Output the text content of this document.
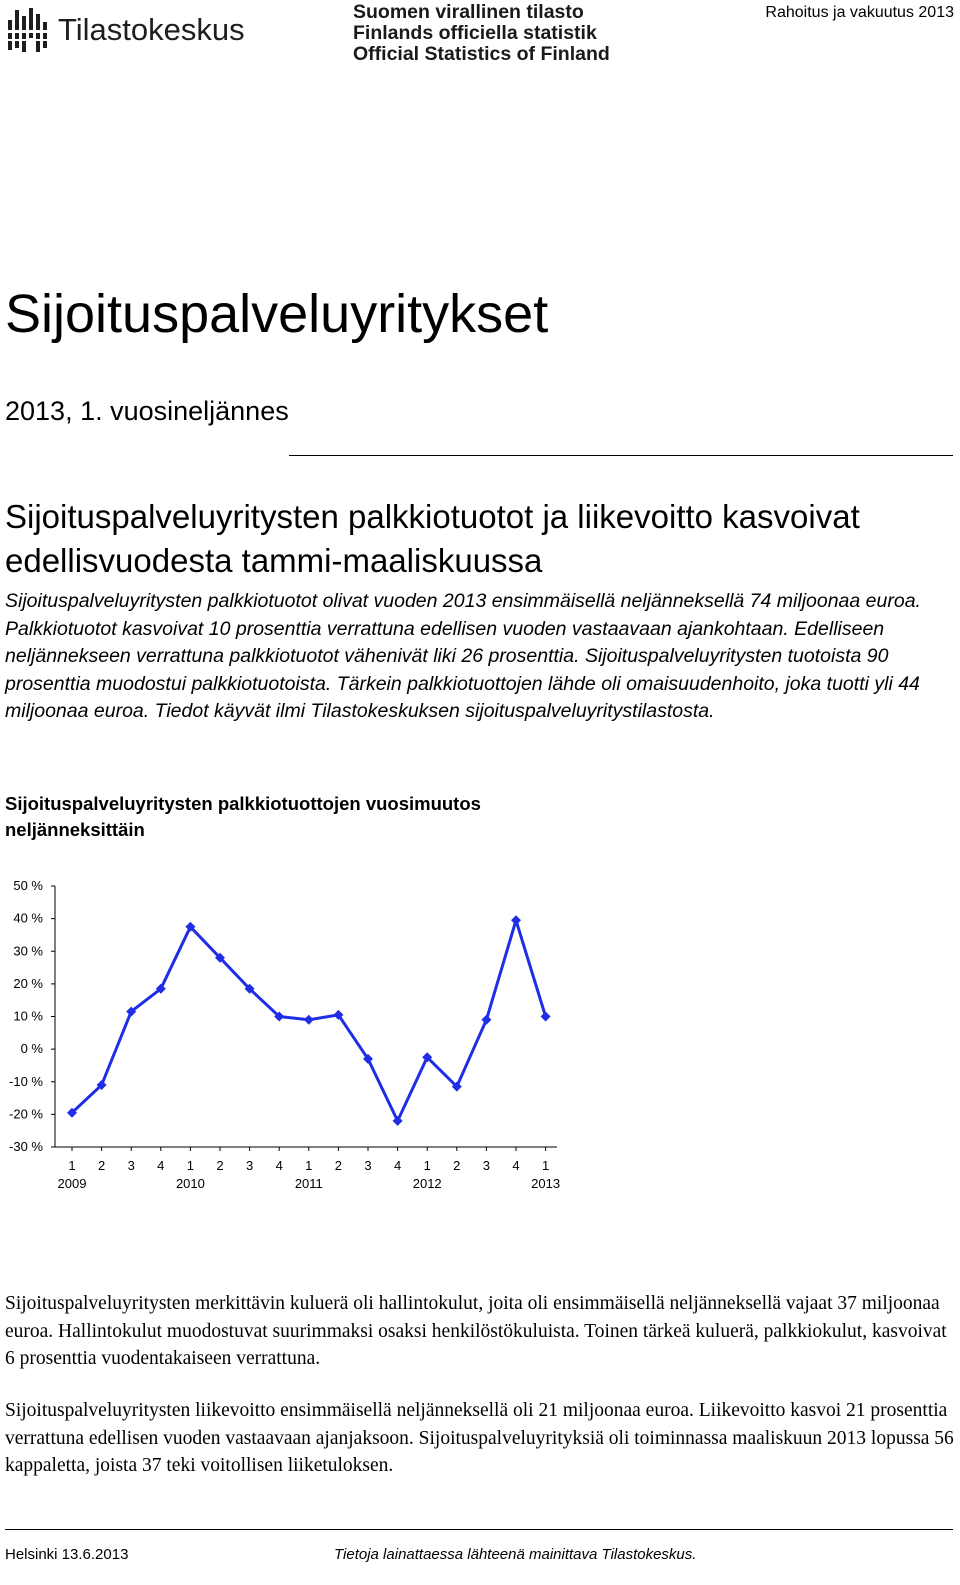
Tilastokeskus	Suomen virallinen tilasto
Finlands officiella statistik
Official Statistics of Finland
Rahoitus ja vakuutus 2013
Sijoituspalveluyritykset
2013, 1. vuosineljännes
Sijoituspalveluyritysten palkkiotuotot ja liikevoitto kasvoivat edellisvuodesta tammi-maaliskuussa
Sijoituspalveluyritysten palkkiotuotot olivat vuoden 2013 ensimmäisellä neljänneksellä 74 miljoonaa euroa. Palkkiotuotot kasvoivat 10 prosenttia verrattuna edellisen vuoden vastaavaan ajankohtaan. Edelliseen neljännekseen verrattuna palkkiotuotot vähenivät liki 26 prosenttia. Sijoituspalveluyritysten tuotoista 90 prosenttia muodostui palkkiotuotoista. Tärkein palkkiotuottojen lähde oli omaisuudenhoito, joka tuotti yli 44 miljoonaa euroa. Tiedot käyvät ilmi Tilastokeskuksen sijoituspalveluyritystilastosta.
Sijoituspalveluyritysten palkkiotuottojen vuosimuutos neljänneksittäin
-30 %
-20 %
-10 %
0 %
10 %
20 %
30 %
40 %
50 %
1
2009
2 3 4 1
2010
2 3 4 1
2011
2 3 4 1
2012
2 3 4 1
2013
Sijoituspalveluyritysten merkittävin kuluerä oli hallintokulut, joita oli ensimmäisellä neljänneksellä vajaat 37 miljoonaa euroa. Hallintokulut muodostuvat suurimmaksi osaksi henkilöstökuluista. Toinen tärkeä kuluerä, palkkiokulut, kasvoivat 6 prosenttia vuodentakaiseen verrattuna.
Sijoituspalveluyritysten liikevoitto ensimmäisellä neljänneksellä oli 21 miljoonaa euroa. Liikevoitto kasvoi 21 prosenttia verrattuna edellisen vuoden vastaavaan ajanjaksoon. Sijoituspalveluyrityksiä oli toiminnassa maaliskuun 2013 lopussa 56 kappaletta, joista 37 teki voitollisen liiketuloksen.
Helsinki 13.6.2013	Tietoja lainattaessa lähteenä mainittava Tilastokeskus.
